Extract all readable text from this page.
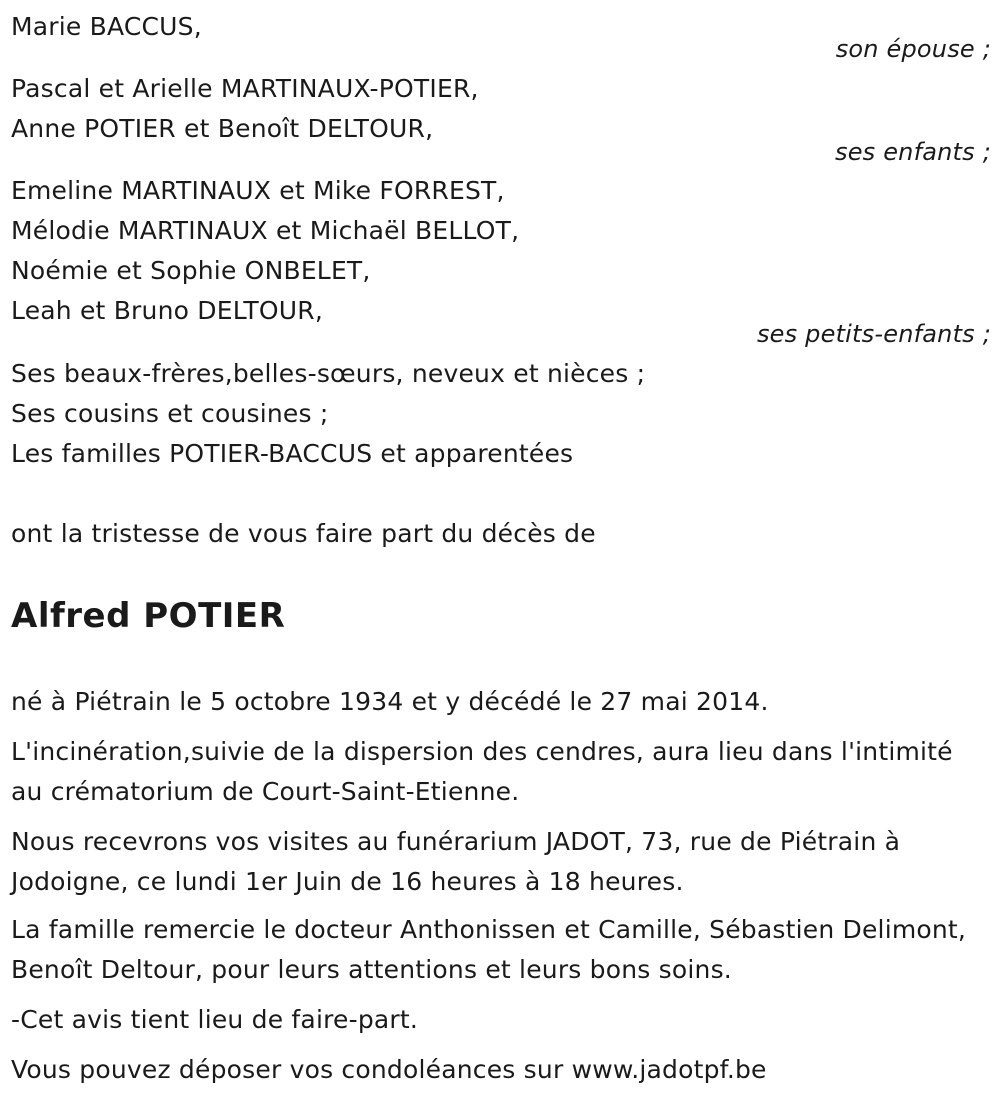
Marie BACCUS,
son épouse ;
Pascal et Arielle MARTINAUX-POTIER,
Anne POTIER et Benoît DELTOUR,
ses enfants ;
Emeline MARTINAUX et Mike FORREST,
Mélodie MARTINAUX et Michaël BELLOT,
Noémie et Sophie ONBELET,
Leah et Bruno DELTOUR,
ses petits-enfants ;
Ses beaux-frères,belles-sœurs, neveux et nièces ;
Ses cousins et cousines ;
Les familles POTIER-BACCUS et apparentées
ont la tristesse de vous faire part du décès de
Alfred POTIER
né à Piétrain le 5 octobre 1934 et y décédé le 27 mai 2014.
L'incinération,suivie de la dispersion des cendres, aura lieu dans l'intimité au crématorium de Court-Saint-Etienne.
Nous recevrons vos visites au funérarium JADOT, 73, rue de Piétrain à Jodoigne, ce lundi 1er Juin de 16 heures à 18 heures.
La famille remercie le docteur Anthonissen et Camille, Sébastien Delimont, Benoît Deltour, pour leurs attentions et leurs bons soins.
-Cet avis tient lieu de faire-part.
Vous pouvez déposer vos condoléances sur www.jadotpf.be
